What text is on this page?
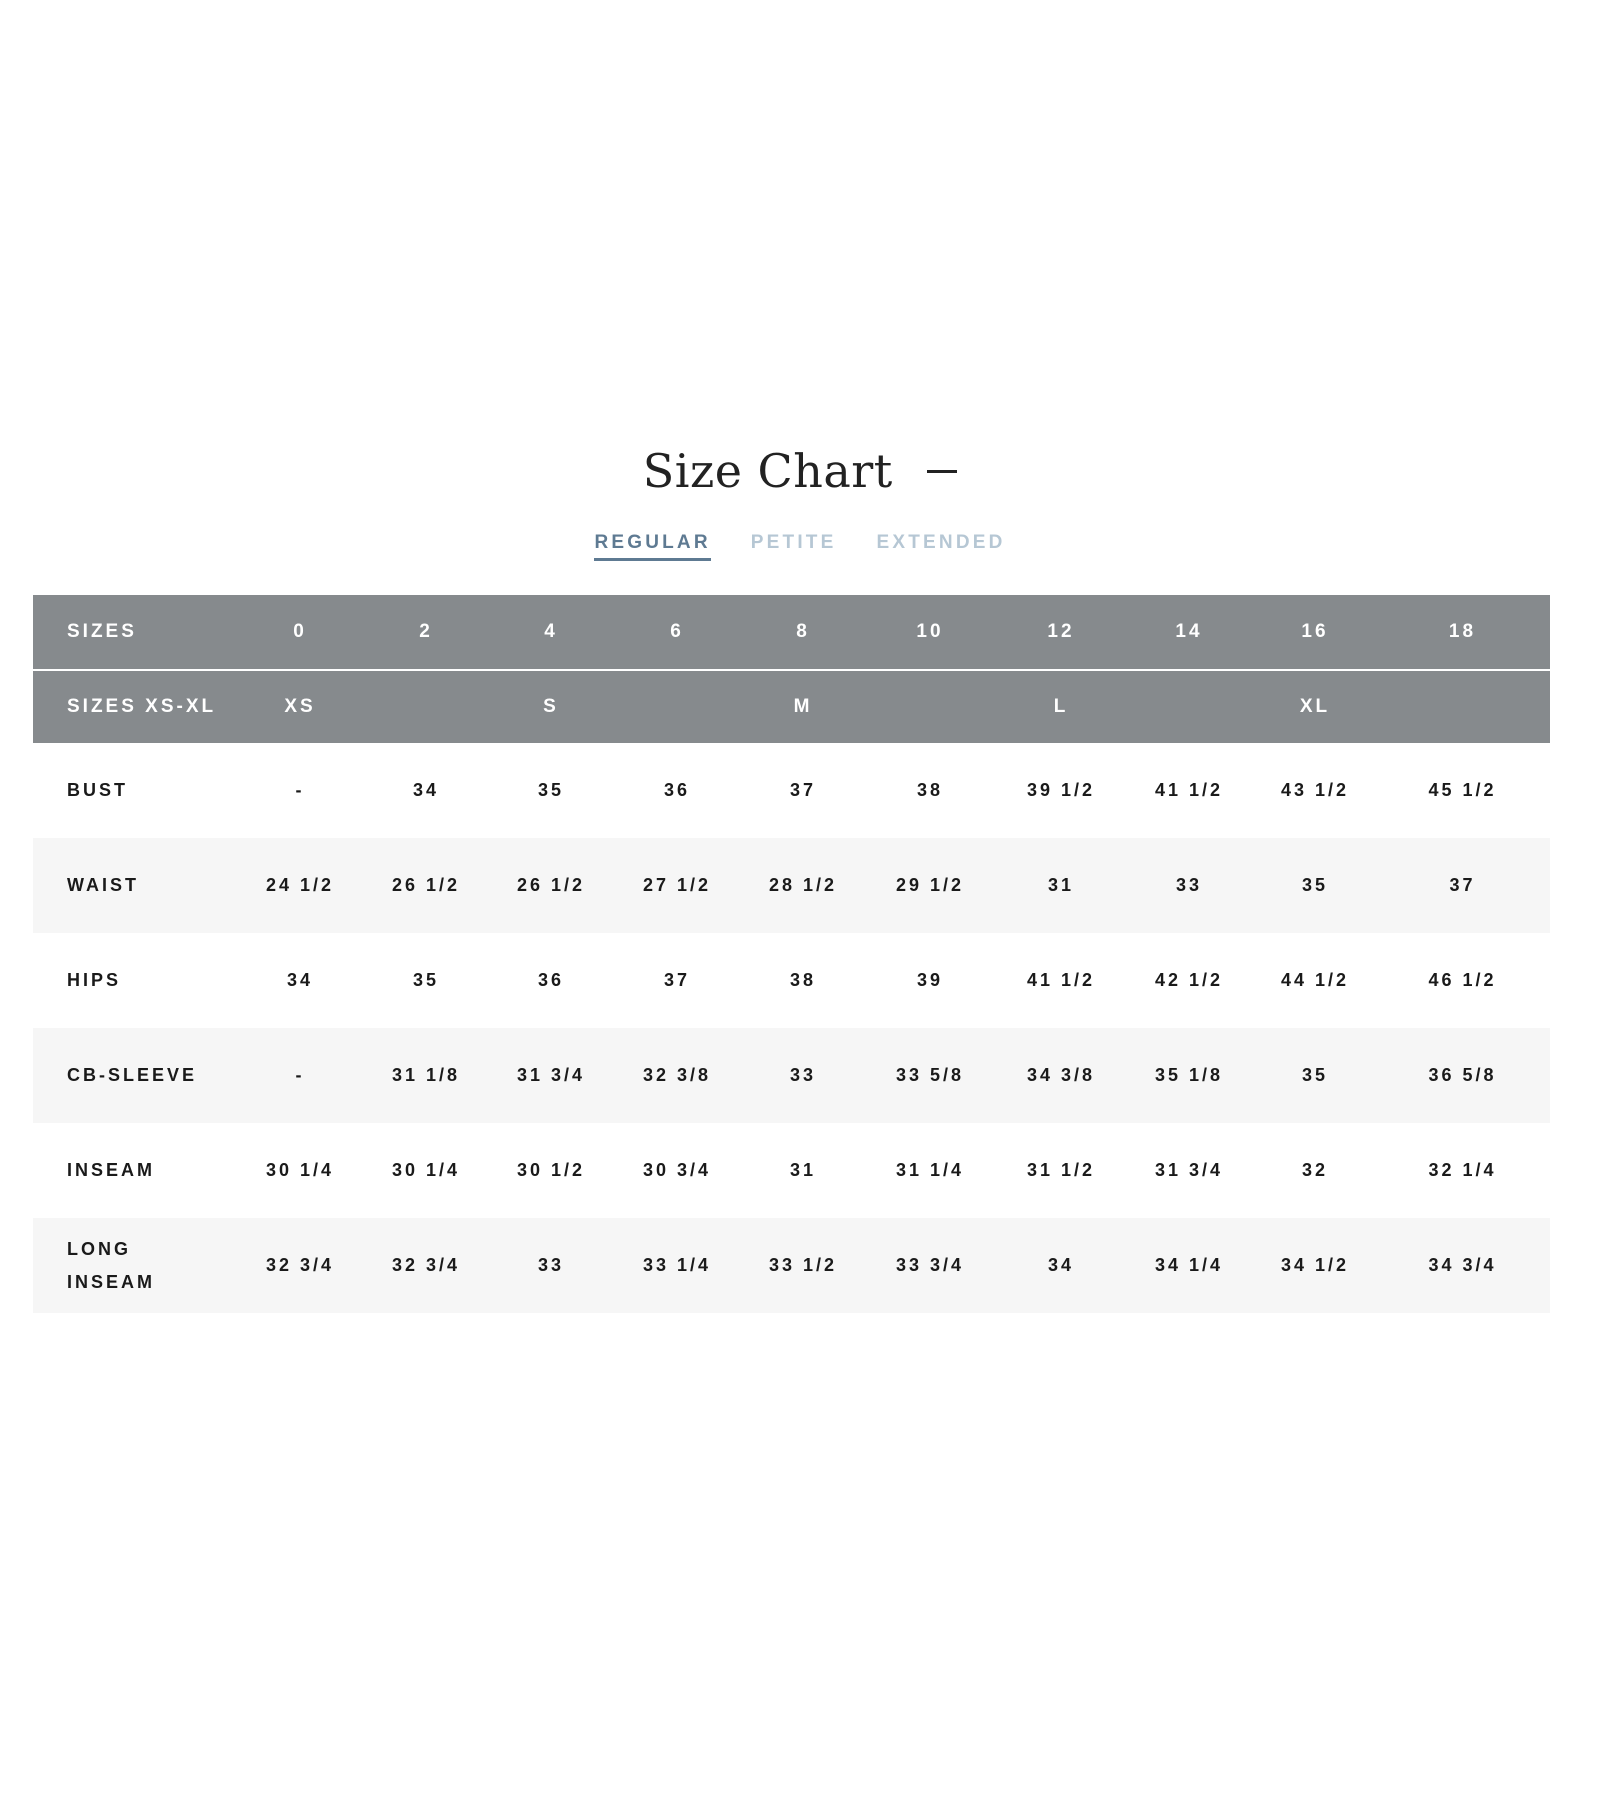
Size Chart
REGULAR PETITE EXTENDED
SIZES	0	2	4	6	8	10	12	14	16	18
SIZES XS-XL	XS		S		M		L		XL	
BUST	-	34	35	36	37	38	39 1/2	41 1/2	43 1/2	45 1/2
WAIST	24 1/2	26 1/2	26 1/2	27 1/2	28 1/2	29 1/2	31	33	35	37
HIPS	34	35	36	37	38	39	41 1/2	42 1/2	44 1/2	46 1/2
CB-SLEEVE	-	31 1/8	31 3/4	32 3/8	33	33 5/8	34 3/8	35 1/8	35	36 5/8
INSEAM	30 1/4	30 1/4	30 1/2	30 3/4	31	31 1/4	31 1/2	31 3/4	32	32 1/4
LONG
INSEAM	32 3/4	32 3/4	33	33 1/4	33 1/2	33 3/4	34	34 1/4	34 1/2	34 3/4
